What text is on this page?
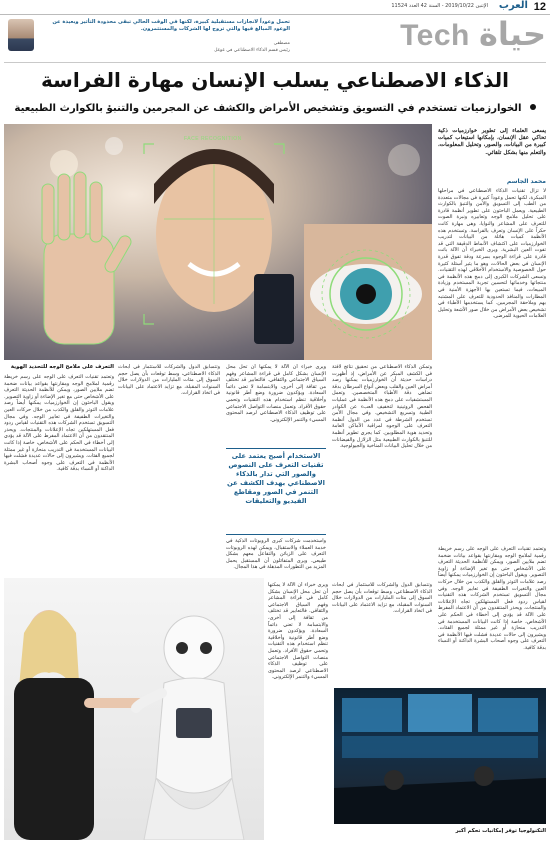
12
العرب
الإثنين 2019/10/22 - السنة 42 العدد 11524
تحمل وعوداً لانجازات مستقبلية كبيرة، لكنها في الوقت الحالي تبقى محدودة التأثير وبعيدة عن الوعود المبالغ فيها والتي تروج لها الشركات والمستثمرون.
مصطفى
رئيس قسم الذكاء الاصطناعي في غوغل	Tech حياة
الذكاء الاصطناعي يسلب الإنسان مهارة الفراسة
الخوارزميات تستخدم في التسويق وتشخيص الأمراض والكشف عن المجرمين والتنبؤ بالكوارث الطبيعية
يسعى العلماء إلى تطوير خوارزميات ذكية تحاكي عقل الإنسان، بإمكانها استيعاب كميات كبيرة من البيانات، والصور، وتحليل المعلومات، والتعلم منها بشكل تلقائي.
محمد الجاسم
لا تزال تقنيات الذكاء الاصطناعي في مراحلها المبكرة، لكنها تحمل وعوداً كبيرة في مجالات متعددة من الطب إلى التسويق والأمن والتنبؤ بالكوارث الطبيعية. ويعمل الباحثون على تطوير أنظمة قادرة على تحليل ملامح الوجه وتعابيره ونبرة الصوت للتعرف على المشاعر والنوايا، وهي مهارة كانت حكراً على الإنسان وتعرف بالفراسة. وتستخدم هذه الأنظمة كميات هائلة من البيانات لتدريب الخوارزميات على اكتشاف الأنماط الدقيقة التي قد تفوت العين البشرية. ويرى الخبراء أن الآلة باتت قادرة على قراءة الوجوه بسرعة ودقة تفوق قدرة الإنسان في بعض الحالات، وهو ما يثير أسئلة كثيرة حول الخصوصية والاستخدام الأخلاقي لهذه التقنيات. وتسعى الشركات الكبرى إلى دمج هذه الأنظمة في منتجاتها وخدماتها لتحسين تجربة المستخدم وزيادة المبيعات، فيما تستعين بها الأجهزة الأمنية في المطارات والمنافذ الحدودية للتعرف على المشتبه بهم وملاحقة المجرمين. كما يستخدمها الأطباء في تشخيص بعض الأمراض من خلال صور الأشعة وتحليل العلامات الحيوية للمرضى.
وتعتمد تقنيات التعرف على الوجه على رسم خريطة رقمية لملامح الوجه ومقارنتها بقواعد بيانات ضخمة تضم ملايين الصور، ويمكن للأنظمة الحديثة التعرف على الأشخاص حتى مع تغير الإضاءة أو زاوية التصوير. ويقول الباحثون إن الخوارزميات يمكنها أيضاً رصد علامات التوتر والقلق والكذب من خلال حركات العين والتغيرات الطفيفة في تعابير الوجه. وفي مجال التسويق تستخدم الشركات هذه التقنيات لقياس ردود فعل المستهلكين تجاه الإعلانات والمنتجات. ويحذر المنتقدون من أن الاعتماد المفرط على الآلة قد يؤدي إلى أخطاء في الحكم على الأشخاص، خاصة إذا كانت البيانات المستخدمة في التدريب منحازة أو غير ممثلة لجميع الفئات. ويشيرون إلى حالات عديدة فشلت فيها الأنظمة في التعرف على وجوه أصحاب البشرة الداكنة أو النساء بدقة كافية.
FACE RECOGNITION
وتمكن الذكاء الاصطناعي من تحقيق نتائج لافتة في الكشف المبكر عن الأمراض، إذ أظهرت دراسات حديثة أن الخوارزميات يمكنها رصد أمراض العين والقلب وبعض أنواع السرطان بدقة تضاهي دقة الأطباء المتخصصين. وتعمل المستشفيات على دمج هذه الأنظمة في عمليات الفحص الروتينية لتخفيف العبء عن الكوادر الطبية وتسريع التشخيص. وفي مجال الأمن تستخدم الشرطة في عدد من الدول أنظمة التعرف على الوجوه لمراقبة الأماكن العامة وتحديد هوية المطلوبين. كما يجري تطوير أنظمة للتنبؤ بالكوارث الطبيعية مثل الزلازل والفيضانات من خلال تحليل البيانات المناخية والجيولوجية.
ويرى خبراء أن الآلة لا يمكنها أن تحل محل الإنسان بشكل كامل في قراءة المشاعر وفهم السياق الاجتماعي والثقافي. فالتعابير قد تختلف من ثقافة إلى أخرى، والابتسامة لا تعني دائماً السعادة. ويؤكدون ضرورة وضع أطر قانونية وأخلاقية تنظم استخدام هذه التقنيات وتحمي حقوق الأفراد. وتعمل منصات التواصل الاجتماعي على توظيف الذكاء الاصطناعي لرصد المحتوى المسيء والتنمر الإلكتروني.
الاستخدام أصبح يعتمد على تقنيات التعرف على النصوص والصور التي تدار بالذكاء الاصطناعي بهدف الكشف عن التنمر في الصور ومقاطع الفيديو والتعليقات
واستخدمت شركات كبرى الروبوتات الذكية في خدمة العملاء والاستقبال، ويمكن لهذه الروبوتات التعرف على الزبائن والتفاعل معهم بشكل طبيعي. ويرى المتفائلون أن المستقبل يحمل المزيد من التطورات المذهلة في هذا المجال.
وتتسابق الدول والشركات للاستثمار في أبحاث الذكاء الاصطناعي، وسط توقعات بأن يصل حجم السوق إلى مئات المليارات من الدولارات خلال السنوات المقبلة، مع تزايد الاعتماد على البيانات في اتخاذ القرارات.
التعرف على ملامح الوجه للتحديد الهوية
وتعتمد تقنيات التعرف على الوجه على رسم خريطة رقمية لملامح الوجه ومقارنتها بقواعد بيانات ضخمة تضم ملايين الصور، ويمكن للأنظمة الحديثة التعرف على الأشخاص حتى مع تغير الإضاءة أو زاوية التصوير. ويقول الباحثون إن الخوارزميات يمكنها أيضاً رصد علامات التوتر والقلق والكذب من خلال حركات العين والتغيرات الطفيفة في تعابير الوجه. وفي مجال التسويق تستخدم الشركات هذه التقنيات لقياس ردود فعل المستهلكين تجاه الإعلانات والمنتجات. ويحذر المنتقدون من أن الاعتماد المفرط على الآلة قد يؤدي إلى أخطاء في الحكم على الأشخاص، خاصة إذا كانت البيانات المستخدمة في التدريب منحازة أو غير ممثلة لجميع الفئات. ويشيرون إلى حالات عديدة فشلت فيها الأنظمة في التعرف على وجوه أصحاب البشرة الداكنة أو النساء بدقة كافية.
ويرى خبراء أن الآلة لا يمكنها أن تحل محل الإنسان بشكل كامل في قراءة المشاعر وفهم السياق الاجتماعي والثقافي. فالتعابير قد تختلف من ثقافة إلى أخرى، والابتسامة لا تعني دائماً السعادة. ويؤكدون ضرورة وضع أطر قانونية وأخلاقية تنظم استخدام هذه التقنيات وتحمي حقوق الأفراد. وتعمل منصات التواصل الاجتماعي على توظيف الذكاء الاصطناعي لرصد المحتوى المسيء والتنمر الإلكتروني.
وتتسابق الدول والشركات للاستثمار في أبحاث الذكاء الاصطناعي، وسط توقعات بأن يصل حجم السوق إلى مئات المليارات من الدولارات خلال السنوات المقبلة، مع تزايد الاعتماد على البيانات في اتخاذ القرارات.
التكنولوجيا توفر إمكانيات تحكم أكبر
